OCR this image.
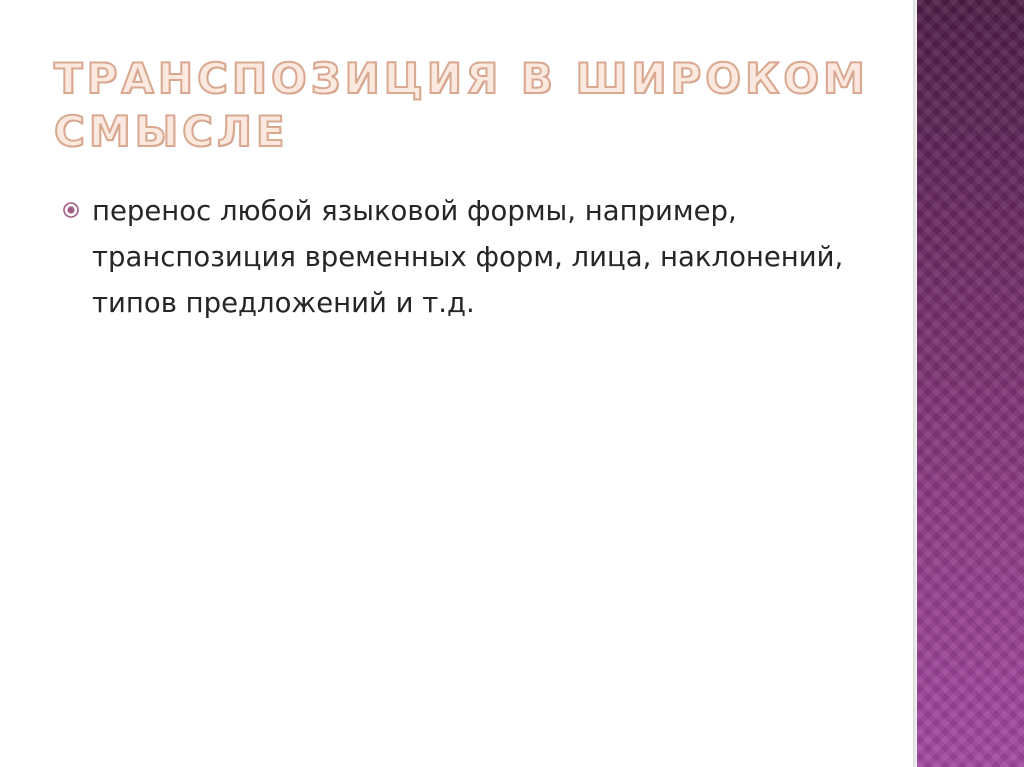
ТРАНСПОЗИЦИЯ В ШИРОКОМ СМЫСЛЕ
перенос любой языковой формы, например, транспозиция временных форм, лица, наклонений, типов предложений и т.д.
